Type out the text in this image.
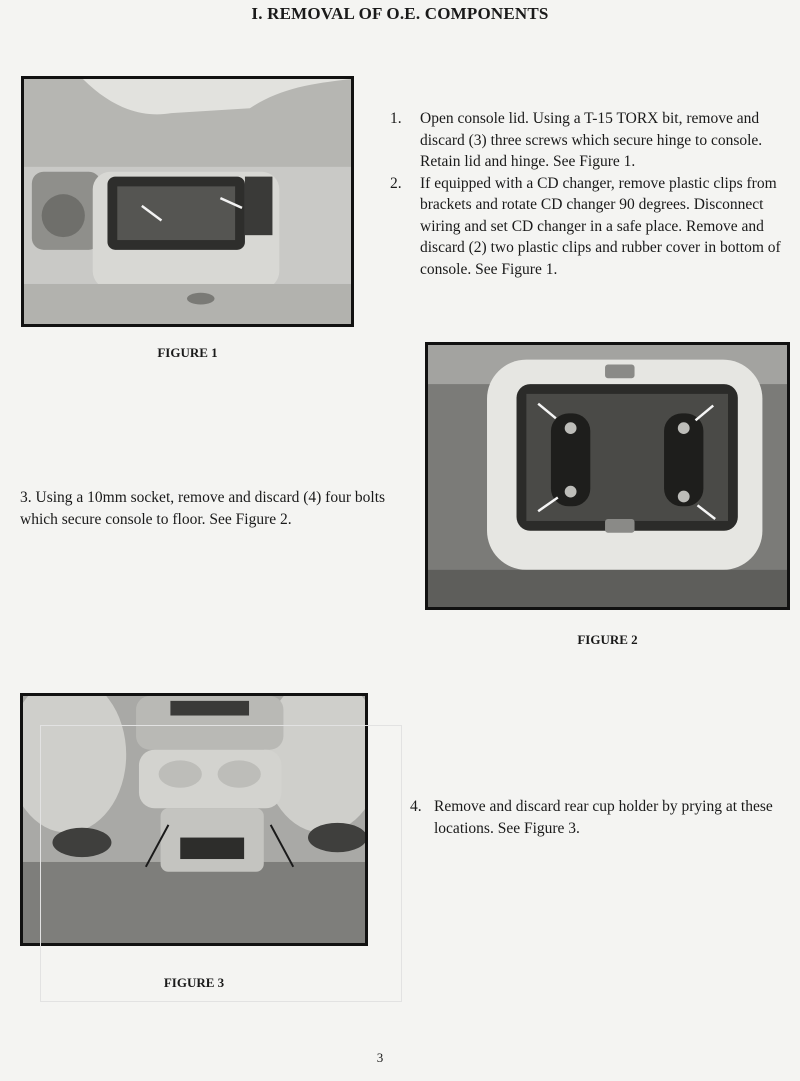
I. REMOVAL OF O.E. COMPONENTS
FIGURE 1
1. Open console lid. Using a T-15 TORX bit, remove and discard (3) three screws which secure hinge to console. Retain lid and hinge. See Figure 1.
2. If equipped with a CD changer, remove plastic clips from brackets and rotate CD changer 90 degrees. Disconnect wiring and set CD changer in a safe place. Remove and discard (2) two plastic clips and rubber cover in bottom of console. See Figure 1.
3. Using a 10mm socket, remove and discard (4) four bolts which secure console to floor. See Figure 2.
FIGURE 2
FIGURE 3
4. Remove and discard rear cup holder by prying at these locations. See Figure 3.
3
